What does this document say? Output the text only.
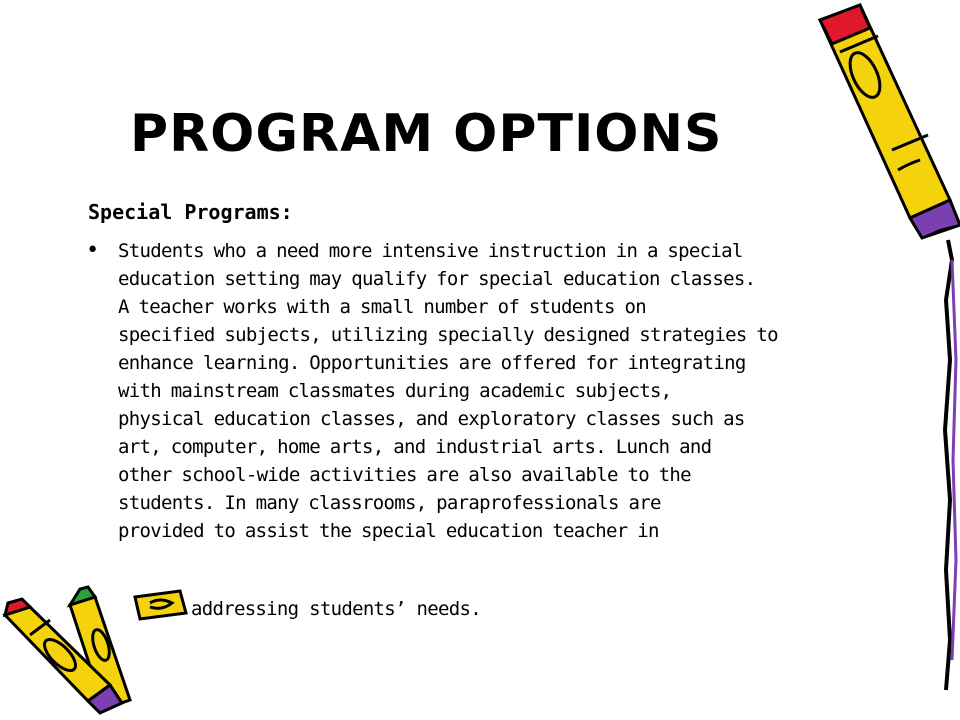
PROGRAM OPTIONS
Special Programs:
• Students who a need more intensive instruction in a special
education setting may qualify for special education classes.
A teacher works with a small number of students on
specified subjects, utilizing specially designed strategies to
enhance learning. Opportunities are offered for integrating
with mainstream classmates during academic subjects,
physical education classes, and exploratory classes such as
art, computer, home arts, and industrial arts. Lunch and
other school-wide activities are also available to the
students. In many classrooms, paraprofessionals are
provided to assist the special education teacher in
addressing students’ needs.
